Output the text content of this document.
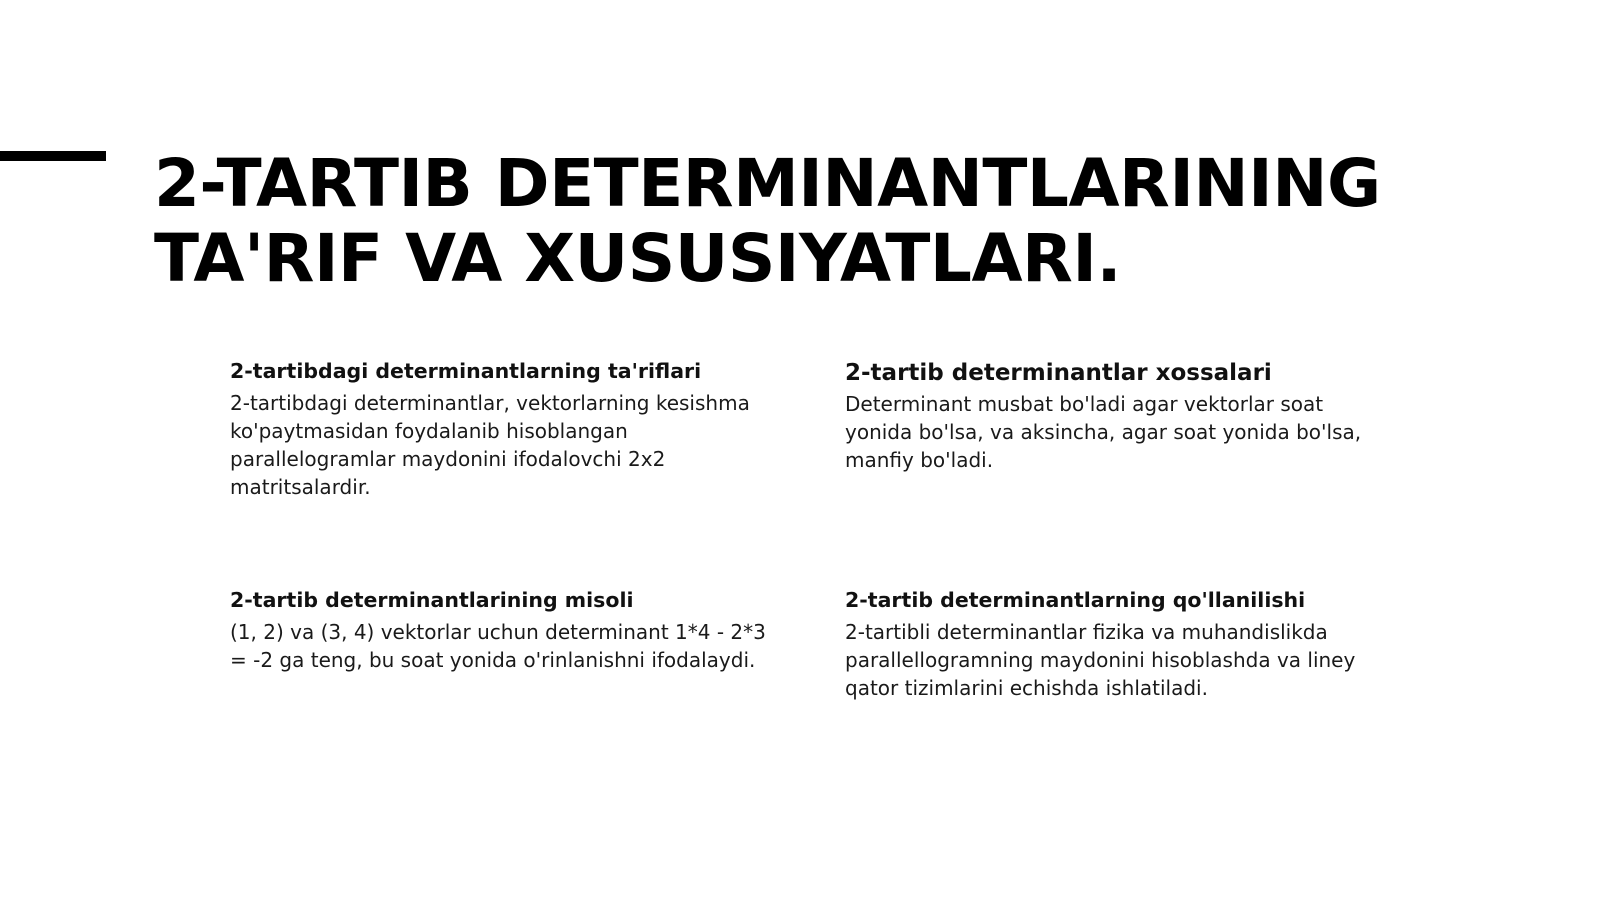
2-TARTIB DETERMINANTLARINING
TA'RIF VA XUSUSIYATLARI.
2-tartibdagi determinantlarning ta'riflari

2-tartibdagi determinantlar, vektorlarning kesishma ko'paytmasidan foydalanib hisoblangan parallelogramlar maydonini ifodalovchi 2x2 matritsalardir.

2-tartib determinantlar xossalari

Determinant musbat bo'ladi agar vektorlar soat yonida bo'lsa, va aksincha, agar soat yonida bo'lsa, manfiy bo'ladi.

2-tartib determinantlarining misoli

(1, 2) va (3, 4) vektorlar uchun determinant 1*4 - 2*3 = -2 ga teng, bu soat yonida o'rinlanishni ifodalaydi.

2-tartib determinantlarning qo'llanilishi

2-tartibli determinantlar fizika va muhandislikda parallellogramning maydonini hisoblashda va liney qator tizimlarini echishda ishlatiladi.
